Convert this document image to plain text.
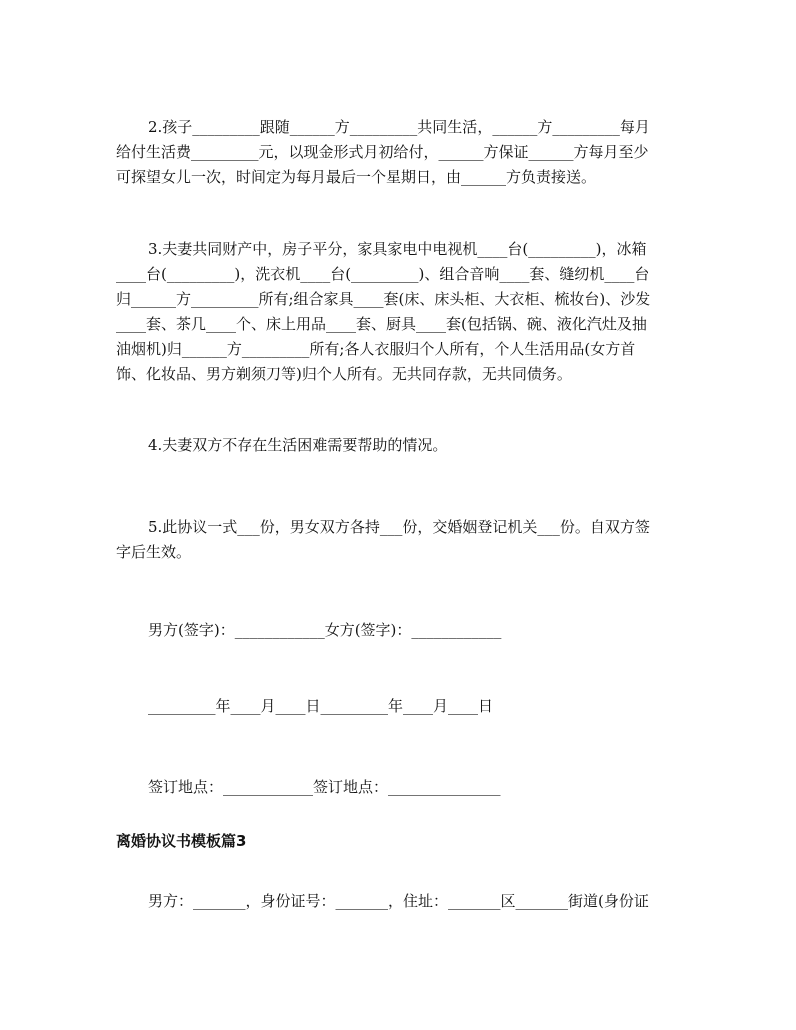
2.孩子_________跟随______方_________共同生活，______方_________每月
给付生活费_________元，以现金形式月初给付，______方保证______方每月至少
可探望女儿一次，时间定为每月最后一个星期日，由______方负责接送。
3.夫妻共同财产中，房子平分，家具家电中电视机____台(_________)，冰箱
____台(_________)，洗衣机____台(_________)、组合音响____套、缝纫机____台
归______方_________所有;组合家具____套(床、床头柜、大衣柜、梳妆台)、沙发
____套、茶几____个、床上用品____套、厨具____套(包括锅、碗、液化汽灶及抽
油烟机)归______方_________所有;各人衣服归个人所有，个人生活用品(女方首
饰、化妆品、男方剃须刀等)归个人所有。无共同存款，无共同债务。
4.夫妻双方不存在生活困难需要帮助的情况。
5.此协议一式___份，男女双方各持___份，交婚姻登记机关___份。自双方签
字后生效。
男方(签字)：____________女方(签字)：____________
_________年____月____日_________年____月____日
签订地点：____________签订地点：_______________
离婚协议书模板篇3
男方：_______，身份证号：_______，住址：_______区_______街道(身份证
